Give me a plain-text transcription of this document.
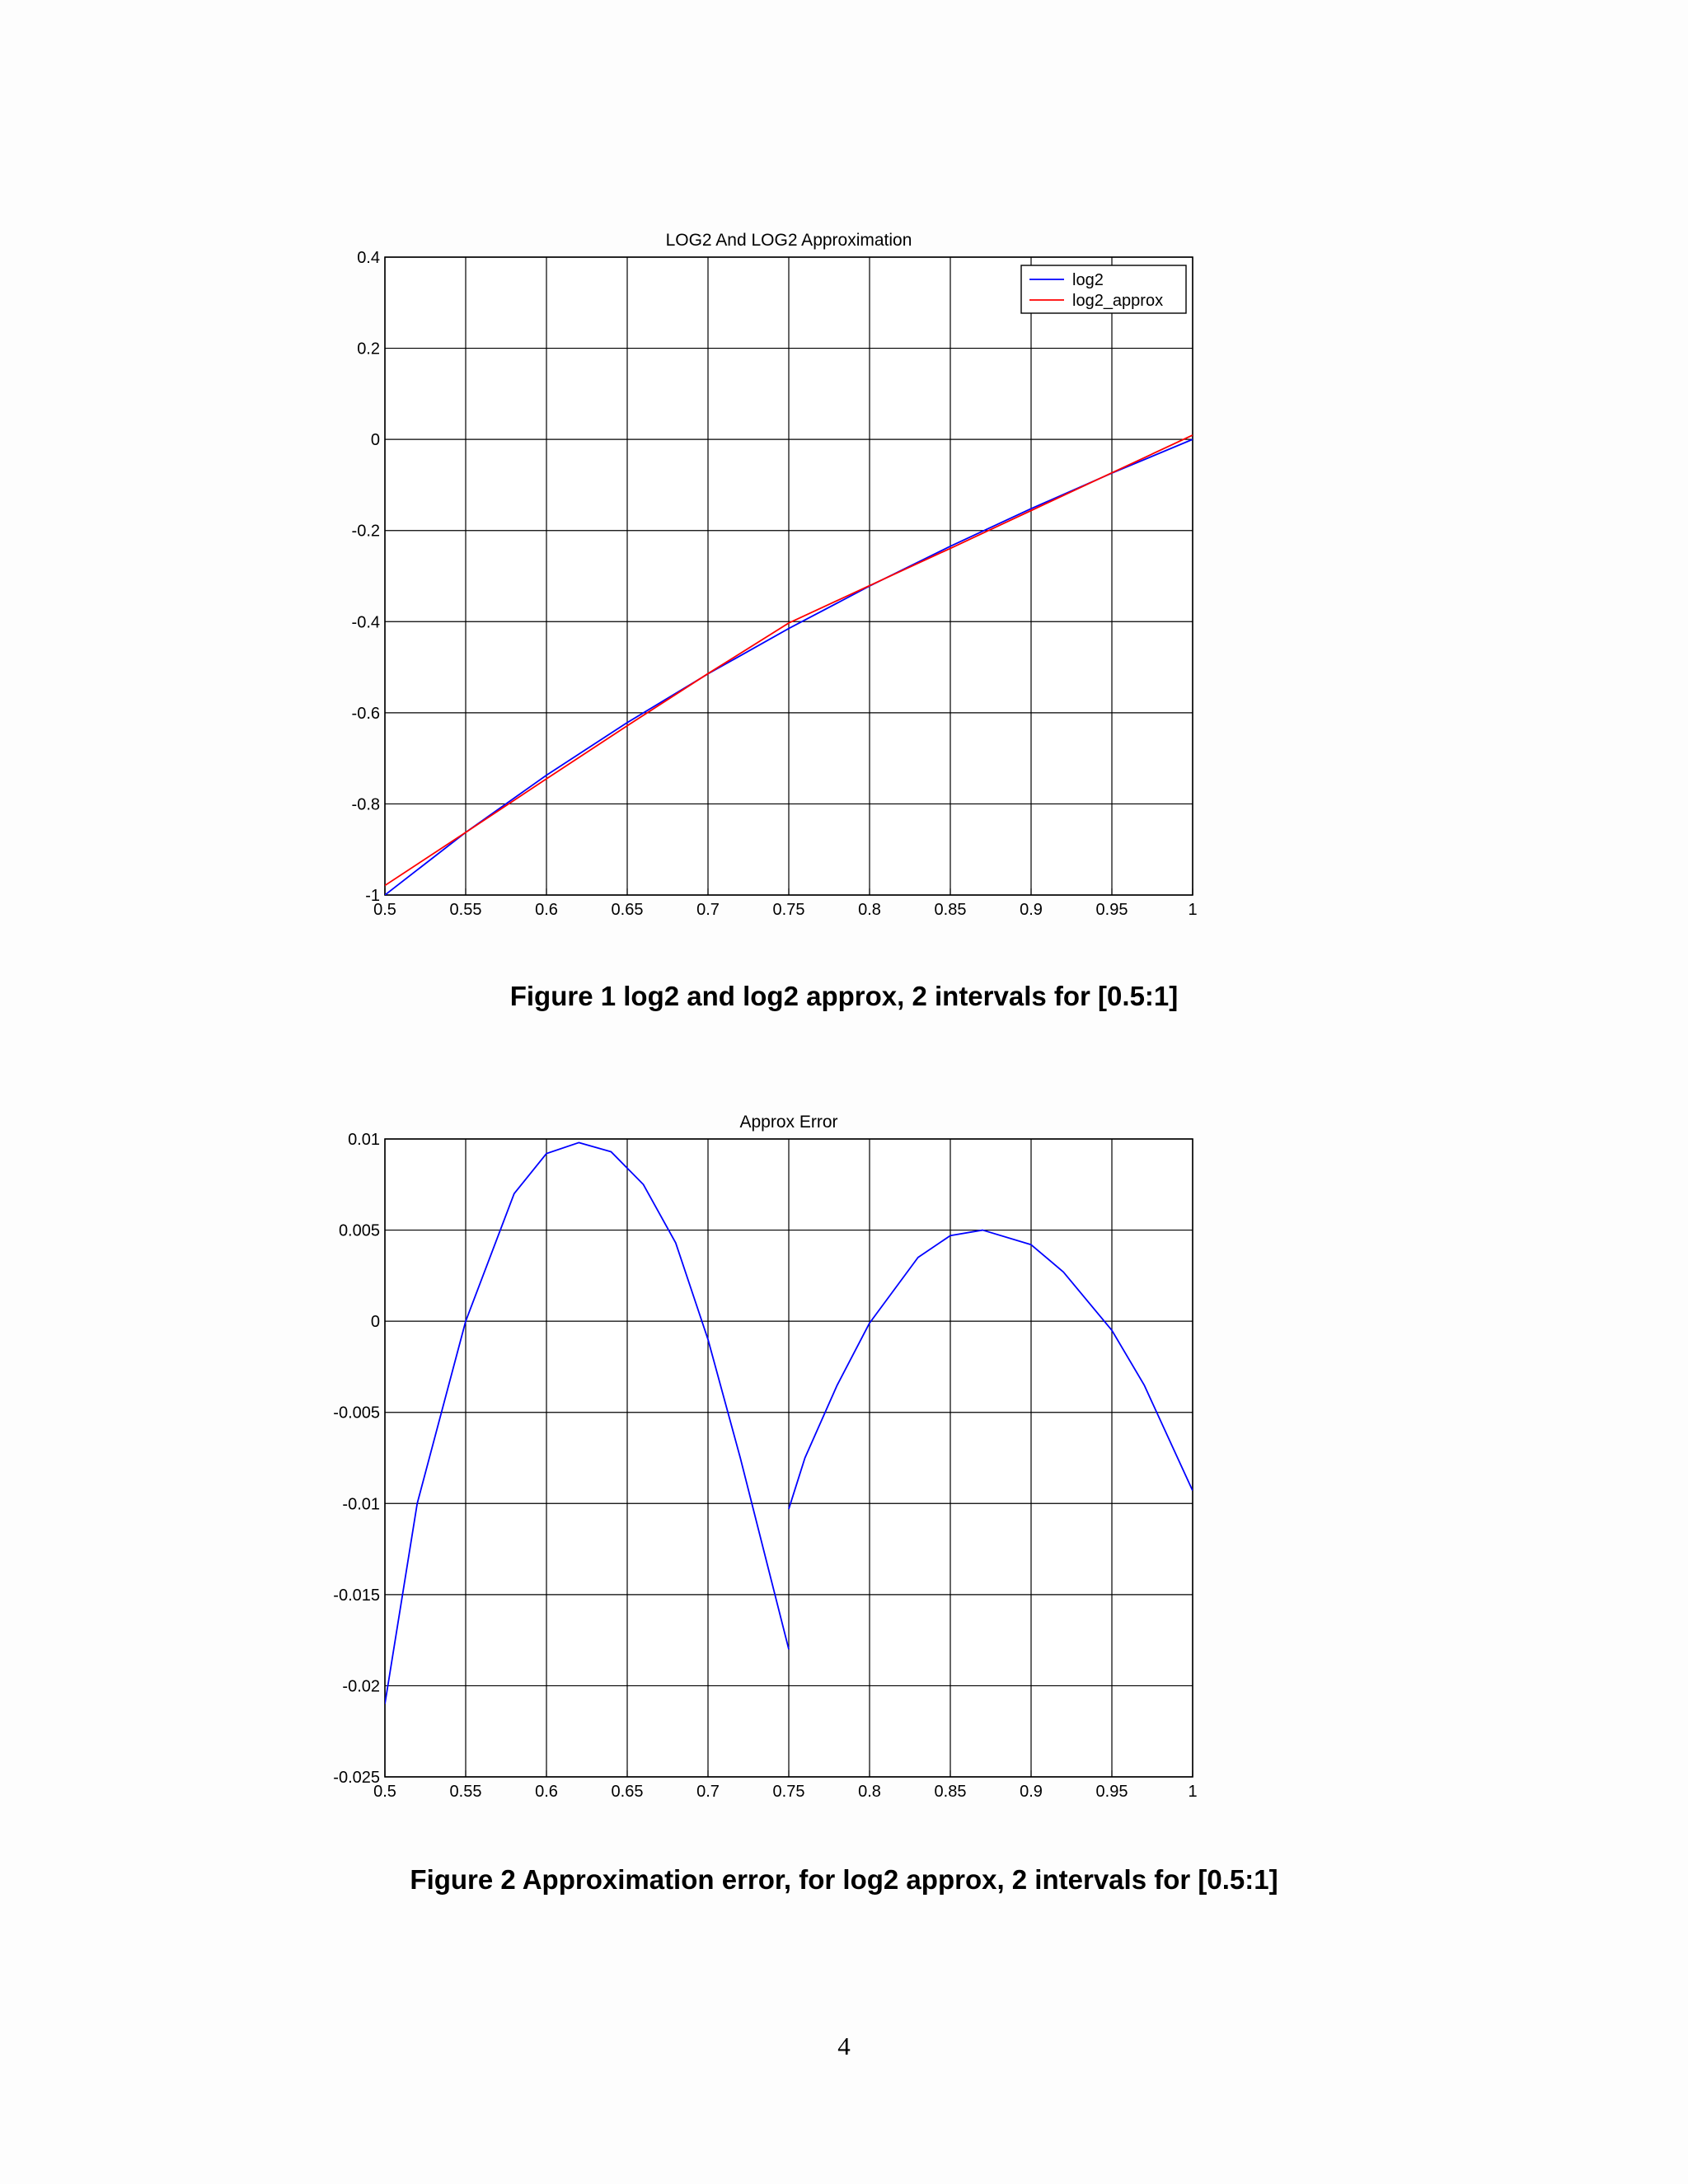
0.5	0.55	0.6	0.65	0.7	0.75	0.8	0.85	0.9	0.95	1
0.4
0.2
0
-0.2
-0.4
-0.6
-0.8
-1
LOG2 And LOG2 Approximation
log2
log2_approx
Figure 1 log2 and log2 approx, 2 intervals for [0.5:1]
0.5	0.55	0.6	0.65	0.7	0.75	0.8	0.85	0.9	0.95	1
0.01
0.005
0
-0.005
-0.01
-0.015
-0.02
-0.025
Approx Error
Figure 2 Approximation error, for log2 approx, 2 intervals for [0.5:1]
4
